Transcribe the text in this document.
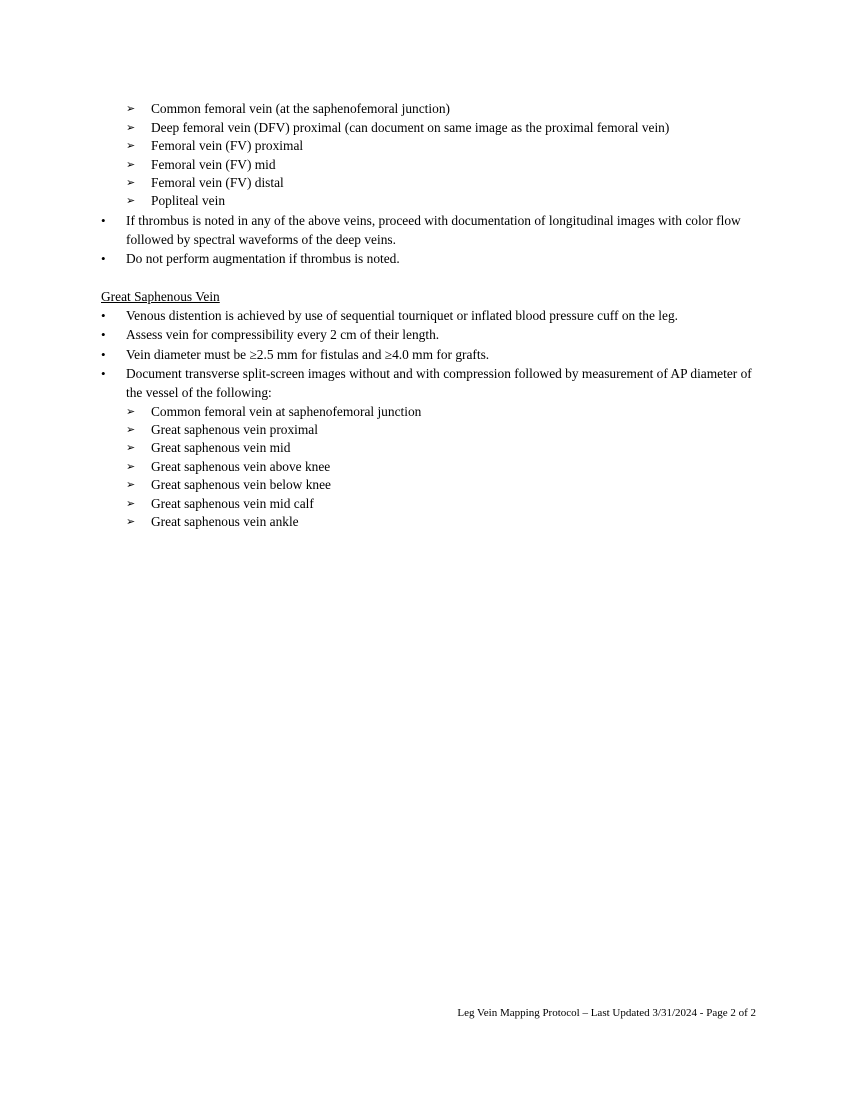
➢	Common femoral vein (at the saphenofemoral junction)
➢	Deep femoral vein (DFV) proximal (can document on same image as the proximal femoral vein)
➢	Femoral vein (FV) proximal
➢	Femoral vein (FV) mid
➢	Femoral vein (FV) distal
➢	Popliteal vein
• If thrombus is noted in any of the above veins, proceed with documentation of longitudinal images with color flow followed by spectral waveforms of the deep veins.
• Do not perform augmentation if thrombus is noted.
Great Saphenous Vein
• Venous distention is achieved by use of sequential tourniquet or inflated blood pressure cuff on the leg.
• Assess vein for compressibility every 2 cm of their length.
• Vein diameter must be ≥2.5 mm for fistulas and ≥4.0 mm for grafts.
• Document transverse split-screen images without and with compression followed by measurement of AP diameter of the vessel of the following:
➢	Common femoral vein at saphenofemoral junction
➢	Great saphenous vein proximal
➢	Great saphenous vein mid
➢	Great saphenous vein above knee
➢	Great saphenous vein below knee
➢	Great saphenous vein mid calf
➢	Great saphenous vein ankle
Leg Vein Mapping Protocol – Last Updated 3/31/2024 - Page 2 of 2
